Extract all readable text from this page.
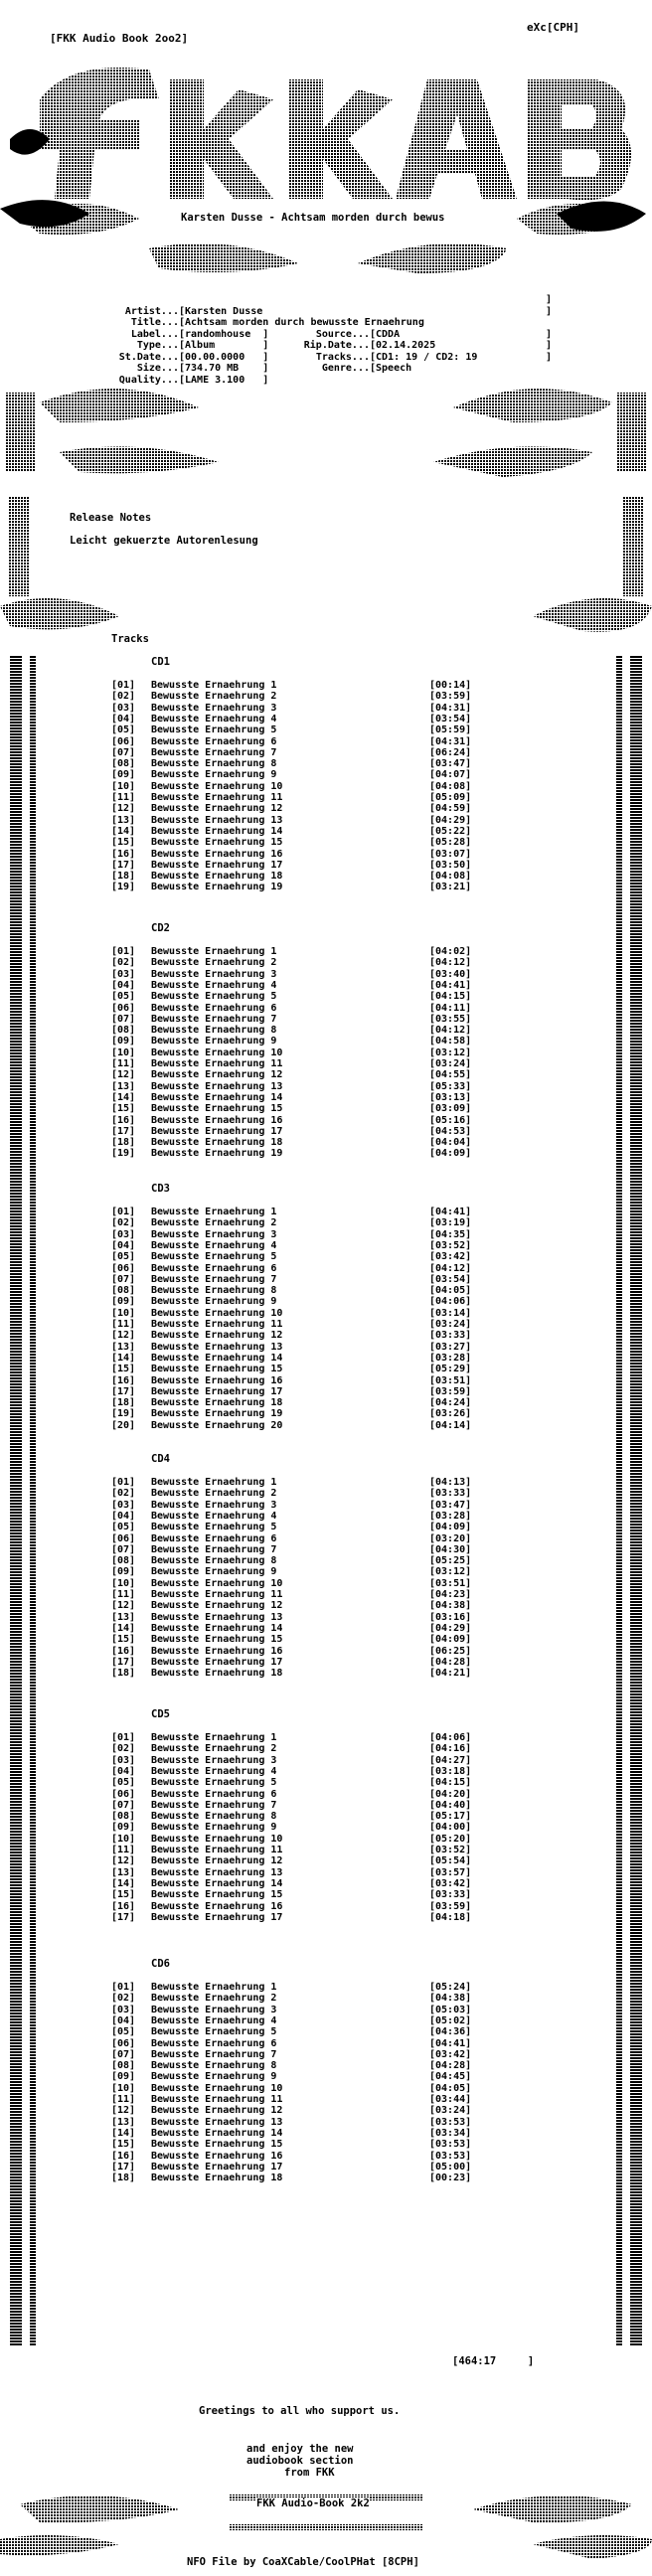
[FKK Audio Book 2oo2]
eXc[CPH]
Karsten Dusse - Achtsam morden durch bewus

Artist...[Karsten Dusse
Title...[Achtsam morden durch bewusste Ernaehrung
Label...[randomhouse  ]	Source...[CDDA
Type...[Album        ]	Rip.Date...[02.14.2025
St.Date...[00.00.0000   ]	Tracks...[CD1: 19 / CD2: 19
Size...[734.70 MB    ]	Genre...[Speech
Quality...[LAME 3.100   ]

]
]

]
]
]
Release Notes
Leicht gekuerzte Autorenlesung
Tracks
CD1
[01] Bewusste Ernaehrung 1	[00:14]
[02] Bewusste Ernaehrung 2	[03:59]
[03] Bewusste Ernaehrung 3	[04:31]
[04] Bewusste Ernaehrung 4	[03:54]
[05] Bewusste Ernaehrung 5	[05:59]
[06] Bewusste Ernaehrung 6	[04:31]
[07] Bewusste Ernaehrung 7	[06:24]
[08] Bewusste Ernaehrung 8	[03:47]
[09] Bewusste Ernaehrung 9	[04:07]
[10] Bewusste Ernaehrung 10	[04:08]
[11] Bewusste Ernaehrung 11	[05:09]
[12] Bewusste Ernaehrung 12	[04:59]
[13] Bewusste Ernaehrung 13	[04:29]
[14] Bewusste Ernaehrung 14	[05:22]
[15] Bewusste Ernaehrung 15	[05:28]
[16] Bewusste Ernaehrung 16	[03:07]
[17] Bewusste Ernaehrung 17	[03:50]
[18] Bewusste Ernaehrung 18	[04:08]
[19] Bewusste Ernaehrung 19	[03:21]
CD2
[01] Bewusste Ernaehrung 1	[04:02]
[02] Bewusste Ernaehrung 2	[04:12]
[03] Bewusste Ernaehrung 3	[03:40]
[04] Bewusste Ernaehrung 4	[04:41]
[05] Bewusste Ernaehrung 5	[04:15]
[06] Bewusste Ernaehrung 6	[04:11]
[07] Bewusste Ernaehrung 7	[03:55]
[08] Bewusste Ernaehrung 8	[04:12]
[09] Bewusste Ernaehrung 9	[04:58]
[10] Bewusste Ernaehrung 10	[03:12]
[11] Bewusste Ernaehrung 11	[03:24]
[12] Bewusste Ernaehrung 12	[04:55]
[13] Bewusste Ernaehrung 13	[05:33]
[14] Bewusste Ernaehrung 14	[03:13]
[15] Bewusste Ernaehrung 15	[03:09]
[16] Bewusste Ernaehrung 16	[05:16]
[17] Bewusste Ernaehrung 17	[04:53]
[18] Bewusste Ernaehrung 18	[04:04]
[19] Bewusste Ernaehrung 19	[04:09]
CD3
[01] Bewusste Ernaehrung 1	[04:41]
[02] Bewusste Ernaehrung 2	[03:19]
[03] Bewusste Ernaehrung 3	[04:35]
[04] Bewusste Ernaehrung 4	[03:52]
[05] Bewusste Ernaehrung 5	[03:42]
[06] Bewusste Ernaehrung 6	[04:12]
[07] Bewusste Ernaehrung 7	[03:54]
[08] Bewusste Ernaehrung 8	[04:05]
[09] Bewusste Ernaehrung 9	[04:06]
[10] Bewusste Ernaehrung 10	[03:14]
[11] Bewusste Ernaehrung 11	[03:24]
[12] Bewusste Ernaehrung 12	[03:33]
[13] Bewusste Ernaehrung 13	[03:27]
[14] Bewusste Ernaehrung 14	[03:28]
[15] Bewusste Ernaehrung 15	[05:29]
[16] Bewusste Ernaehrung 16	[03:51]
[17] Bewusste Ernaehrung 17	[03:59]
[18] Bewusste Ernaehrung 18	[04:24]
[19] Bewusste Ernaehrung 19	[03:26]
[20] Bewusste Ernaehrung 20	[04:14]
CD4
[01] Bewusste Ernaehrung 1	[04:13]
[02] Bewusste Ernaehrung 2	[03:33]
[03] Bewusste Ernaehrung 3	[03:47]
[04] Bewusste Ernaehrung 4	[03:28]
[05] Bewusste Ernaehrung 5	[04:09]
[06] Bewusste Ernaehrung 6	[03:20]
[07] Bewusste Ernaehrung 7	[04:30]
[08] Bewusste Ernaehrung 8	[05:25]
[09] Bewusste Ernaehrung 9	[03:12]
[10] Bewusste Ernaehrung 10	[03:51]
[11] Bewusste Ernaehrung 11	[04:23]
[12] Bewusste Ernaehrung 12	[04:38]
[13] Bewusste Ernaehrung 13	[03:16]
[14] Bewusste Ernaehrung 14	[04:29]
[15] Bewusste Ernaehrung 15	[04:09]
[16] Bewusste Ernaehrung 16	[06:25]
[17] Bewusste Ernaehrung 17	[04:28]
[18] Bewusste Ernaehrung 18	[04:21]
CD5
[01] Bewusste Ernaehrung 1	[04:06]
[02] Bewusste Ernaehrung 2	[04:16]
[03] Bewusste Ernaehrung 3	[04:27]
[04] Bewusste Ernaehrung 4	[03:18]
[05] Bewusste Ernaehrung 5	[04:15]
[06] Bewusste Ernaehrung 6	[04:20]
[07] Bewusste Ernaehrung 7	[04:40]
[08] Bewusste Ernaehrung 8	[05:17]
[09] Bewusste Ernaehrung 9	[04:00]
[10] Bewusste Ernaehrung 10	[05:20]
[11] Bewusste Ernaehrung 11	[03:52]
[12] Bewusste Ernaehrung 12	[05:54]
[13] Bewusste Ernaehrung 13	[03:57]
[14] Bewusste Ernaehrung 14	[03:42]
[15] Bewusste Ernaehrung 15	[03:33]
[16] Bewusste Ernaehrung 16	[03:59]
[17] Bewusste Ernaehrung 17	[04:18]
CD6
[01] Bewusste Ernaehrung 1	[05:24]
[02] Bewusste Ernaehrung 2	[04:38]
[03] Bewusste Ernaehrung 3	[05:03]
[04] Bewusste Ernaehrung 4	[05:02]
[05] Bewusste Ernaehrung 5	[04:36]
[06] Bewusste Ernaehrung 6	[04:41]
[07] Bewusste Ernaehrung 7	[03:42]
[08] Bewusste Ernaehrung 8	[04:28]
[09] Bewusste Ernaehrung 9	[04:45]
[10] Bewusste Ernaehrung 10	[04:05]
[11] Bewusste Ernaehrung 11	[03:44]
[12] Bewusste Ernaehrung 12	[03:24]
[13] Bewusste Ernaehrung 13	[03:53]
[14] Bewusste Ernaehrung 14	[03:34]
[15] Bewusste Ernaehrung 15	[03:53]
[16] Bewusste Ernaehrung 16	[03:53]
[17] Bewusste Ernaehrung 17	[05:00]
[18] Bewusste Ernaehrung 18	[00:23]
[464:17     ]
Greetings to all who support us.
and enjoy the new
audiobook section
from FKK
FKK Audio-Book 2k2
NFO File by CoaXCable/CoolPHat [8CPH]
